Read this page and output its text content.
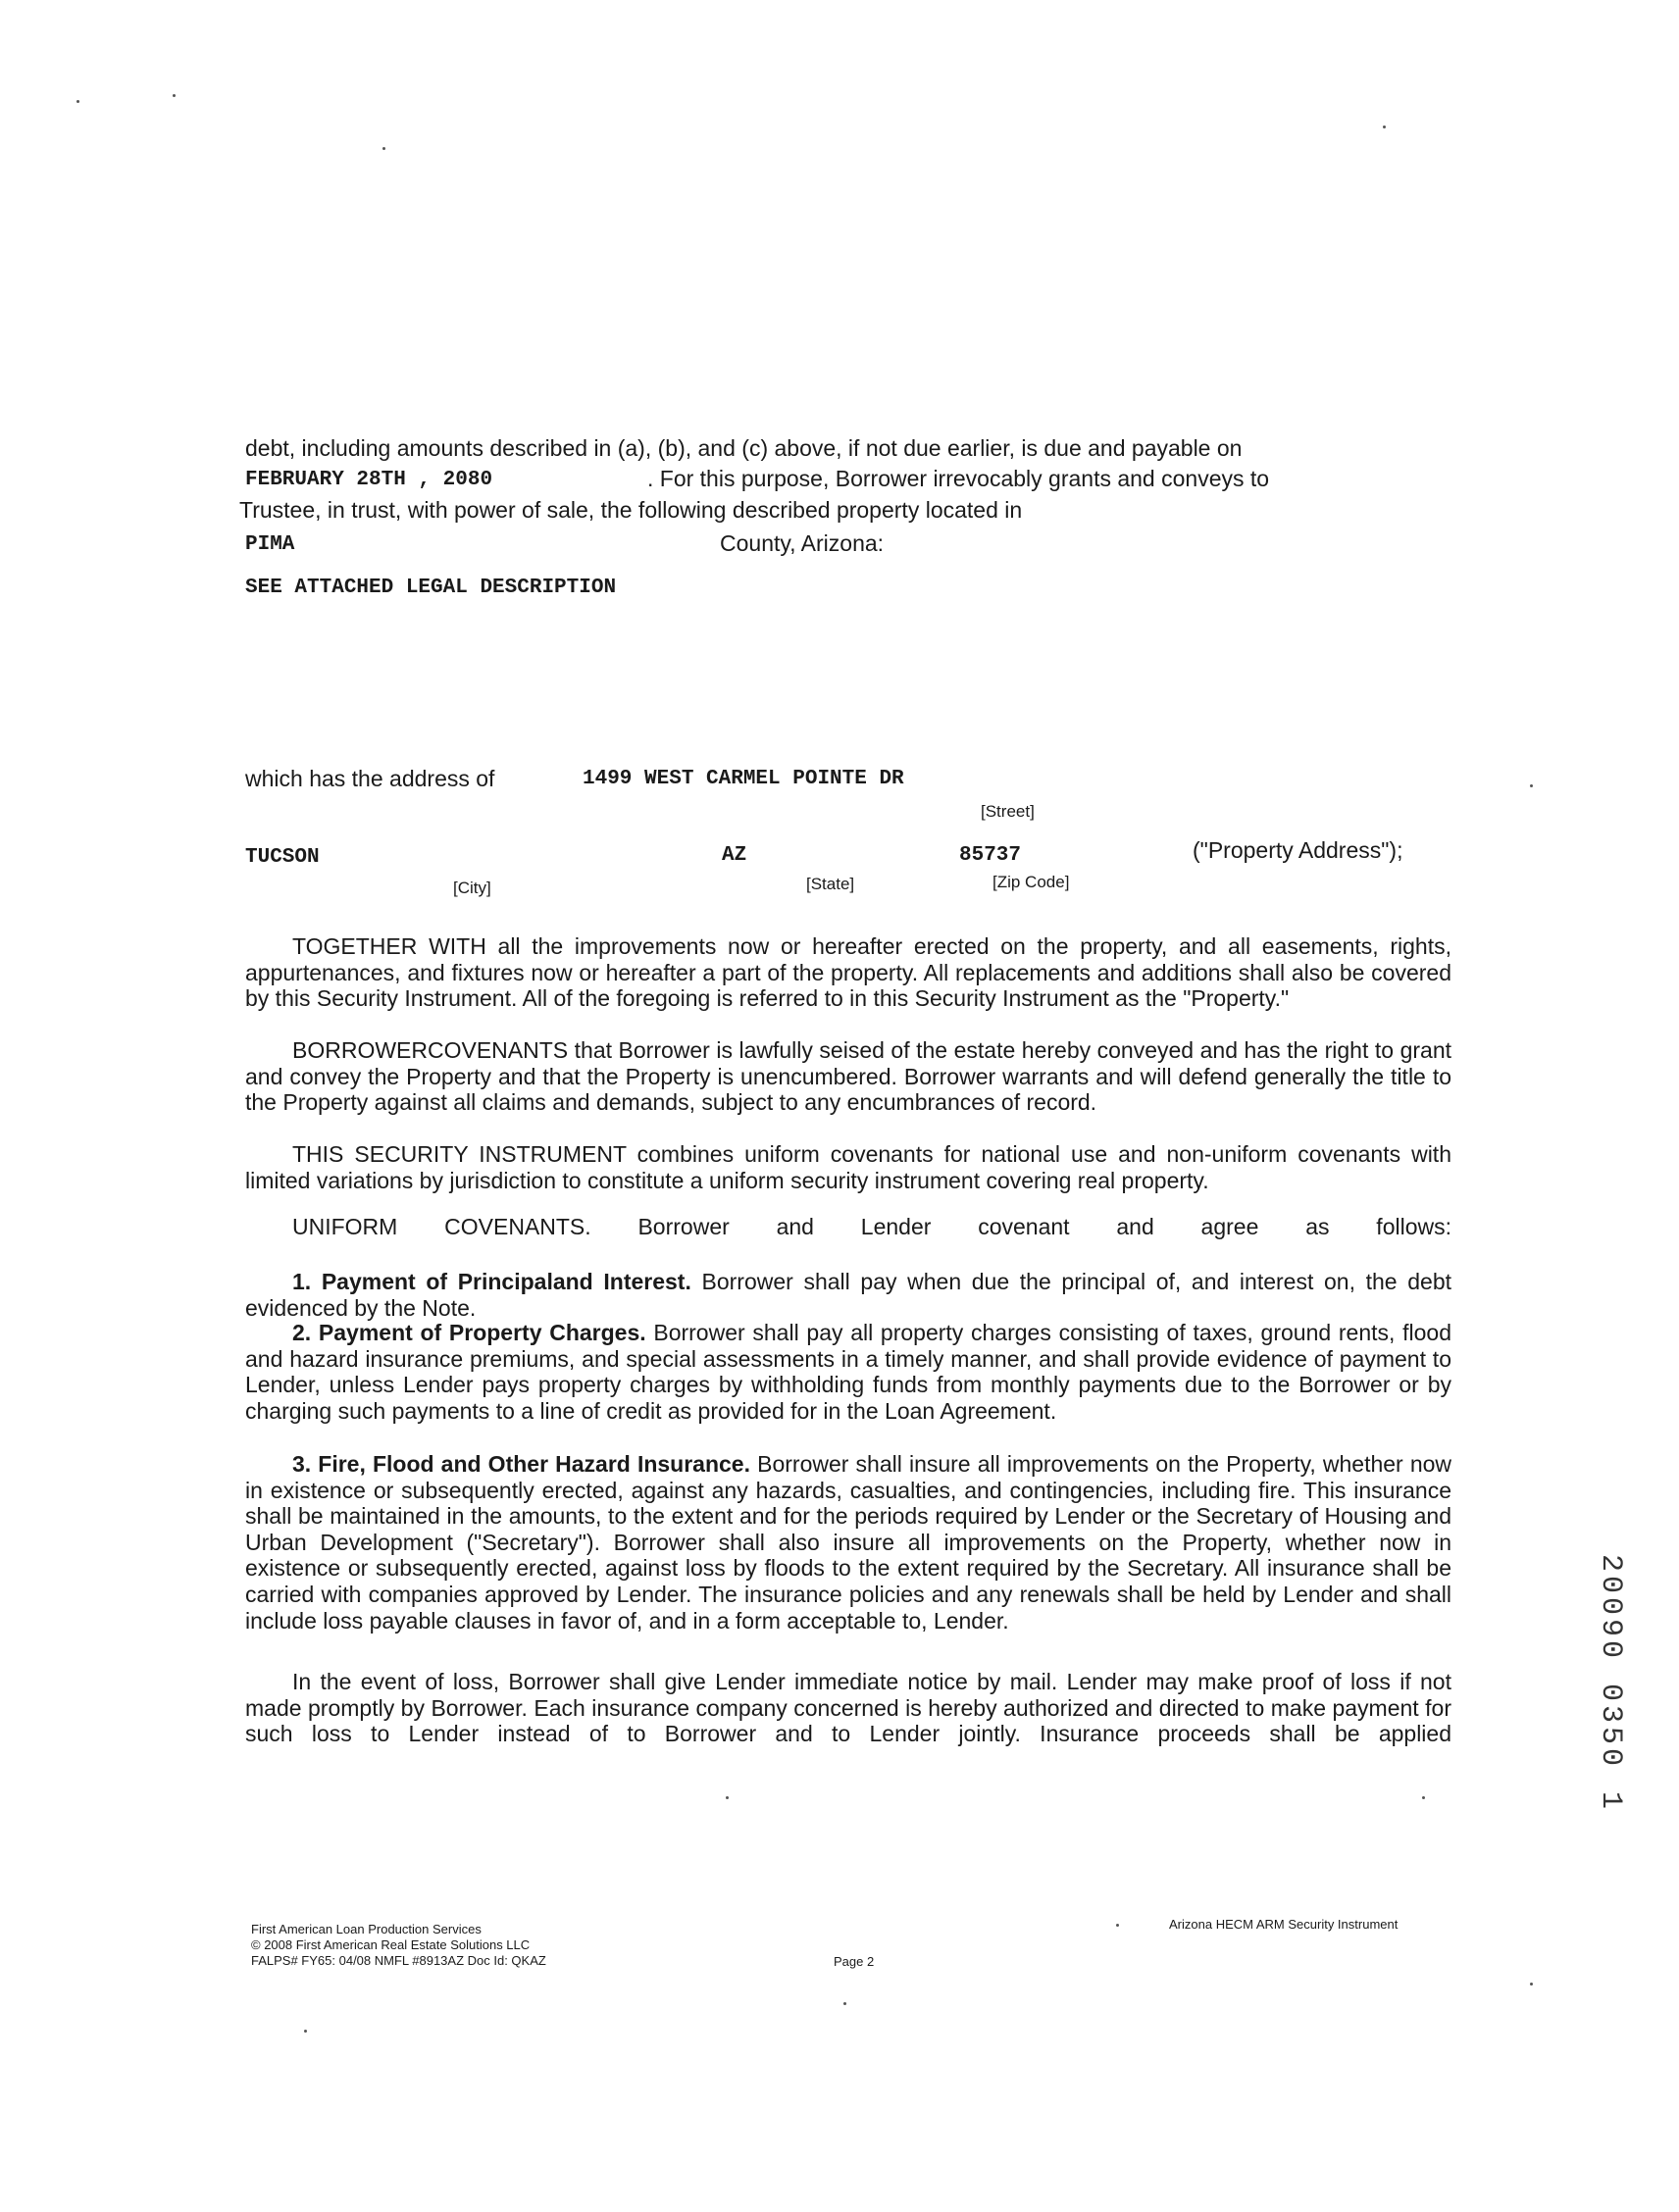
debt, including amounts described in (a), (b), and (c) above, if not due earlier, is due and payable on
FEBRUARY 28TH , 2080	. For this purpose, Borrower irrevocably grants and conveys to
Trustee, in trust, with power of sale, the following described property located in
PIMA	County, Arizona:
SEE ATTACHED LEGAL DESCRIPTION
which has the address of	1499 WEST CARMEL POINTE DR
[Street]
TUCSON	AZ	85737	("Property Address");
[City]	[State]	[Zip Code]
TOGETHER WITH all the improvements now or hereafter erected on the property, and all easements, rights, appurtenances, and fixtures now or hereafter a part of the property. All replacements and additions shall also be covered by this Security Instrument. All of the foregoing is referred to in this Security Instrument as the "Property."
BORROWERCOVENANTS that Borrower is lawfully seised of the estate hereby conveyed and has the right to grant and convey the Property and that the Property is unencumbered. Borrower warrants and will defend generally the title to the Property against all claims and demands, subject to any encumbrances of record.
THIS SECURITY INSTRUMENT combines uniform covenants for national use and non-uniform covenants with limited variations by jurisdiction to constitute a uniform security instrument covering real property.
UNIFORM COVENANTS. Borrower and Lender covenant and agree as follows:

1. Payment of Principaland Interest. Borrower shall pay when due the principal of, and interest on, the debt evidenced by the Note.

2. Payment of Property Charges. Borrower shall pay all property charges consisting of taxes, ground rents, flood and hazard insurance premiums, and special assessments in a timely manner, and shall provide evidence of payment to Lender, unless Lender pays property charges by withholding funds from monthly payments due to the Borrower or by charging such payments to a line of credit as provided for in the Loan Agreement.

3. Fire, Flood and Other Hazard Insurance. Borrower shall insure all improvements on the Property, whether now in existence or subsequently erected, against any hazards, casualties, and contingencies, including fire. This insurance shall be maintained in the amounts, to the extent and for the periods required by Lender or the Secretary of Housing and Urban Development ("Secretary"). Borrower shall also insure all improvements on the Property, whether now in existence or subsequently erected, against loss by floods to the extent required by the Secretary. All insurance shall be carried with companies approved by Lender. The insurance policies and any renewals shall be held by Lender and shall include loss payable clauses in favor of, and in a form acceptable to, Lender.

In the event of loss, Borrower shall give Lender immediate notice by mail. Lender may make proof of loss if not made promptly by Borrower. Each insurance company concerned is hereby authorized and directed to make payment for such loss to Lender instead of to Borrower and to Lender jointly. Insurance proceeds shall be applied	20090 0350 1
First American Loan Production Services
© 2008 First American Real Estate Solutions LLC
FALPS# FY65: 04/08 NMFL #8913AZ Doc Id: QKAZ	Page 2
Arizona HECM ARM Security Instrument
